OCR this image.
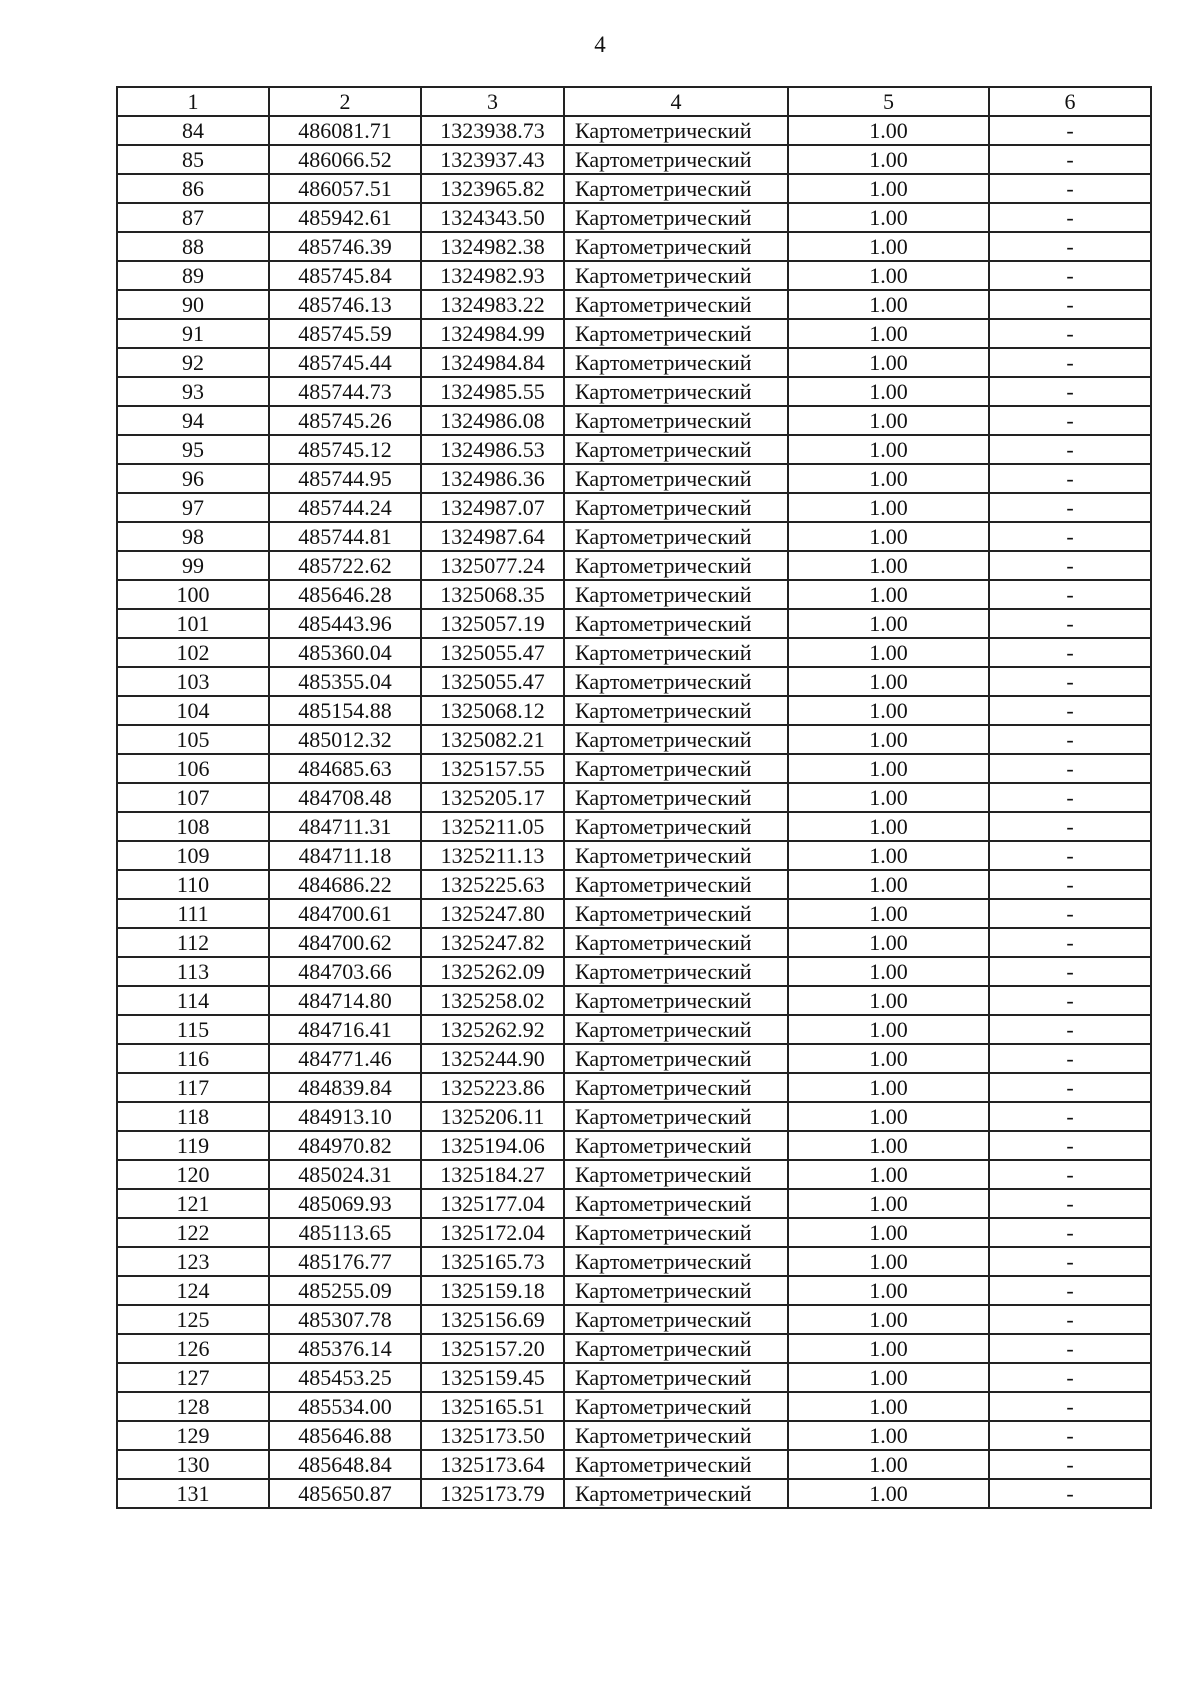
4
1	2	3	4	5	6
84	486081.71	1323938.73	Картометрический	1.00	-
85	486066.52	1323937.43	Картометрический	1.00	-
86	486057.51	1323965.82	Картометрический	1.00	-
87	485942.61	1324343.50	Картометрический	1.00	-
88	485746.39	1324982.38	Картометрический	1.00	-
89	485745.84	1324982.93	Картометрический	1.00	-
90	485746.13	1324983.22	Картометрический	1.00	-
91	485745.59	1324984.99	Картометрический	1.00	-
92	485745.44	1324984.84	Картометрический	1.00	-
93	485744.73	1324985.55	Картометрический	1.00	-
94	485745.26	1324986.08	Картометрический	1.00	-
95	485745.12	1324986.53	Картометрический	1.00	-
96	485744.95	1324986.36	Картометрический	1.00	-
97	485744.24	1324987.07	Картометрический	1.00	-
98	485744.81	1324987.64	Картометрический	1.00	-
99	485722.62	1325077.24	Картометрический	1.00	-
100	485646.28	1325068.35	Картометрический	1.00	-
101	485443.96	1325057.19	Картометрический	1.00	-
102	485360.04	1325055.47	Картометрический	1.00	-
103	485355.04	1325055.47	Картометрический	1.00	-
104	485154.88	1325068.12	Картометрический	1.00	-
105	485012.32	1325082.21	Картометрический	1.00	-
106	484685.63	1325157.55	Картометрический	1.00	-
107	484708.48	1325205.17	Картометрический	1.00	-
108	484711.31	1325211.05	Картометрический	1.00	-
109	484711.18	1325211.13	Картометрический	1.00	-
110	484686.22	1325225.63	Картометрический	1.00	-
111	484700.61	1325247.80	Картометрический	1.00	-
112	484700.62	1325247.82	Картометрический	1.00	-
113	484703.66	1325262.09	Картометрический	1.00	-
114	484714.80	1325258.02	Картометрический	1.00	-
115	484716.41	1325262.92	Картометрический	1.00	-
116	484771.46	1325244.90	Картометрический	1.00	-
117	484839.84	1325223.86	Картометрический	1.00	-
118	484913.10	1325206.11	Картометрический	1.00	-
119	484970.82	1325194.06	Картометрический	1.00	-
120	485024.31	1325184.27	Картометрический	1.00	-
121	485069.93	1325177.04	Картометрический	1.00	-
122	485113.65	1325172.04	Картометрический	1.00	-
123	485176.77	1325165.73	Картометрический	1.00	-
124	485255.09	1325159.18	Картометрический	1.00	-
125	485307.78	1325156.69	Картометрический	1.00	-
126	485376.14	1325157.20	Картометрический	1.00	-
127	485453.25	1325159.45	Картометрический	1.00	-
128	485534.00	1325165.51	Картометрический	1.00	-
129	485646.88	1325173.50	Картометрический	1.00	-
130	485648.84	1325173.64	Картометрический	1.00	-
131	485650.87	1325173.79	Картометрический	1.00	-
